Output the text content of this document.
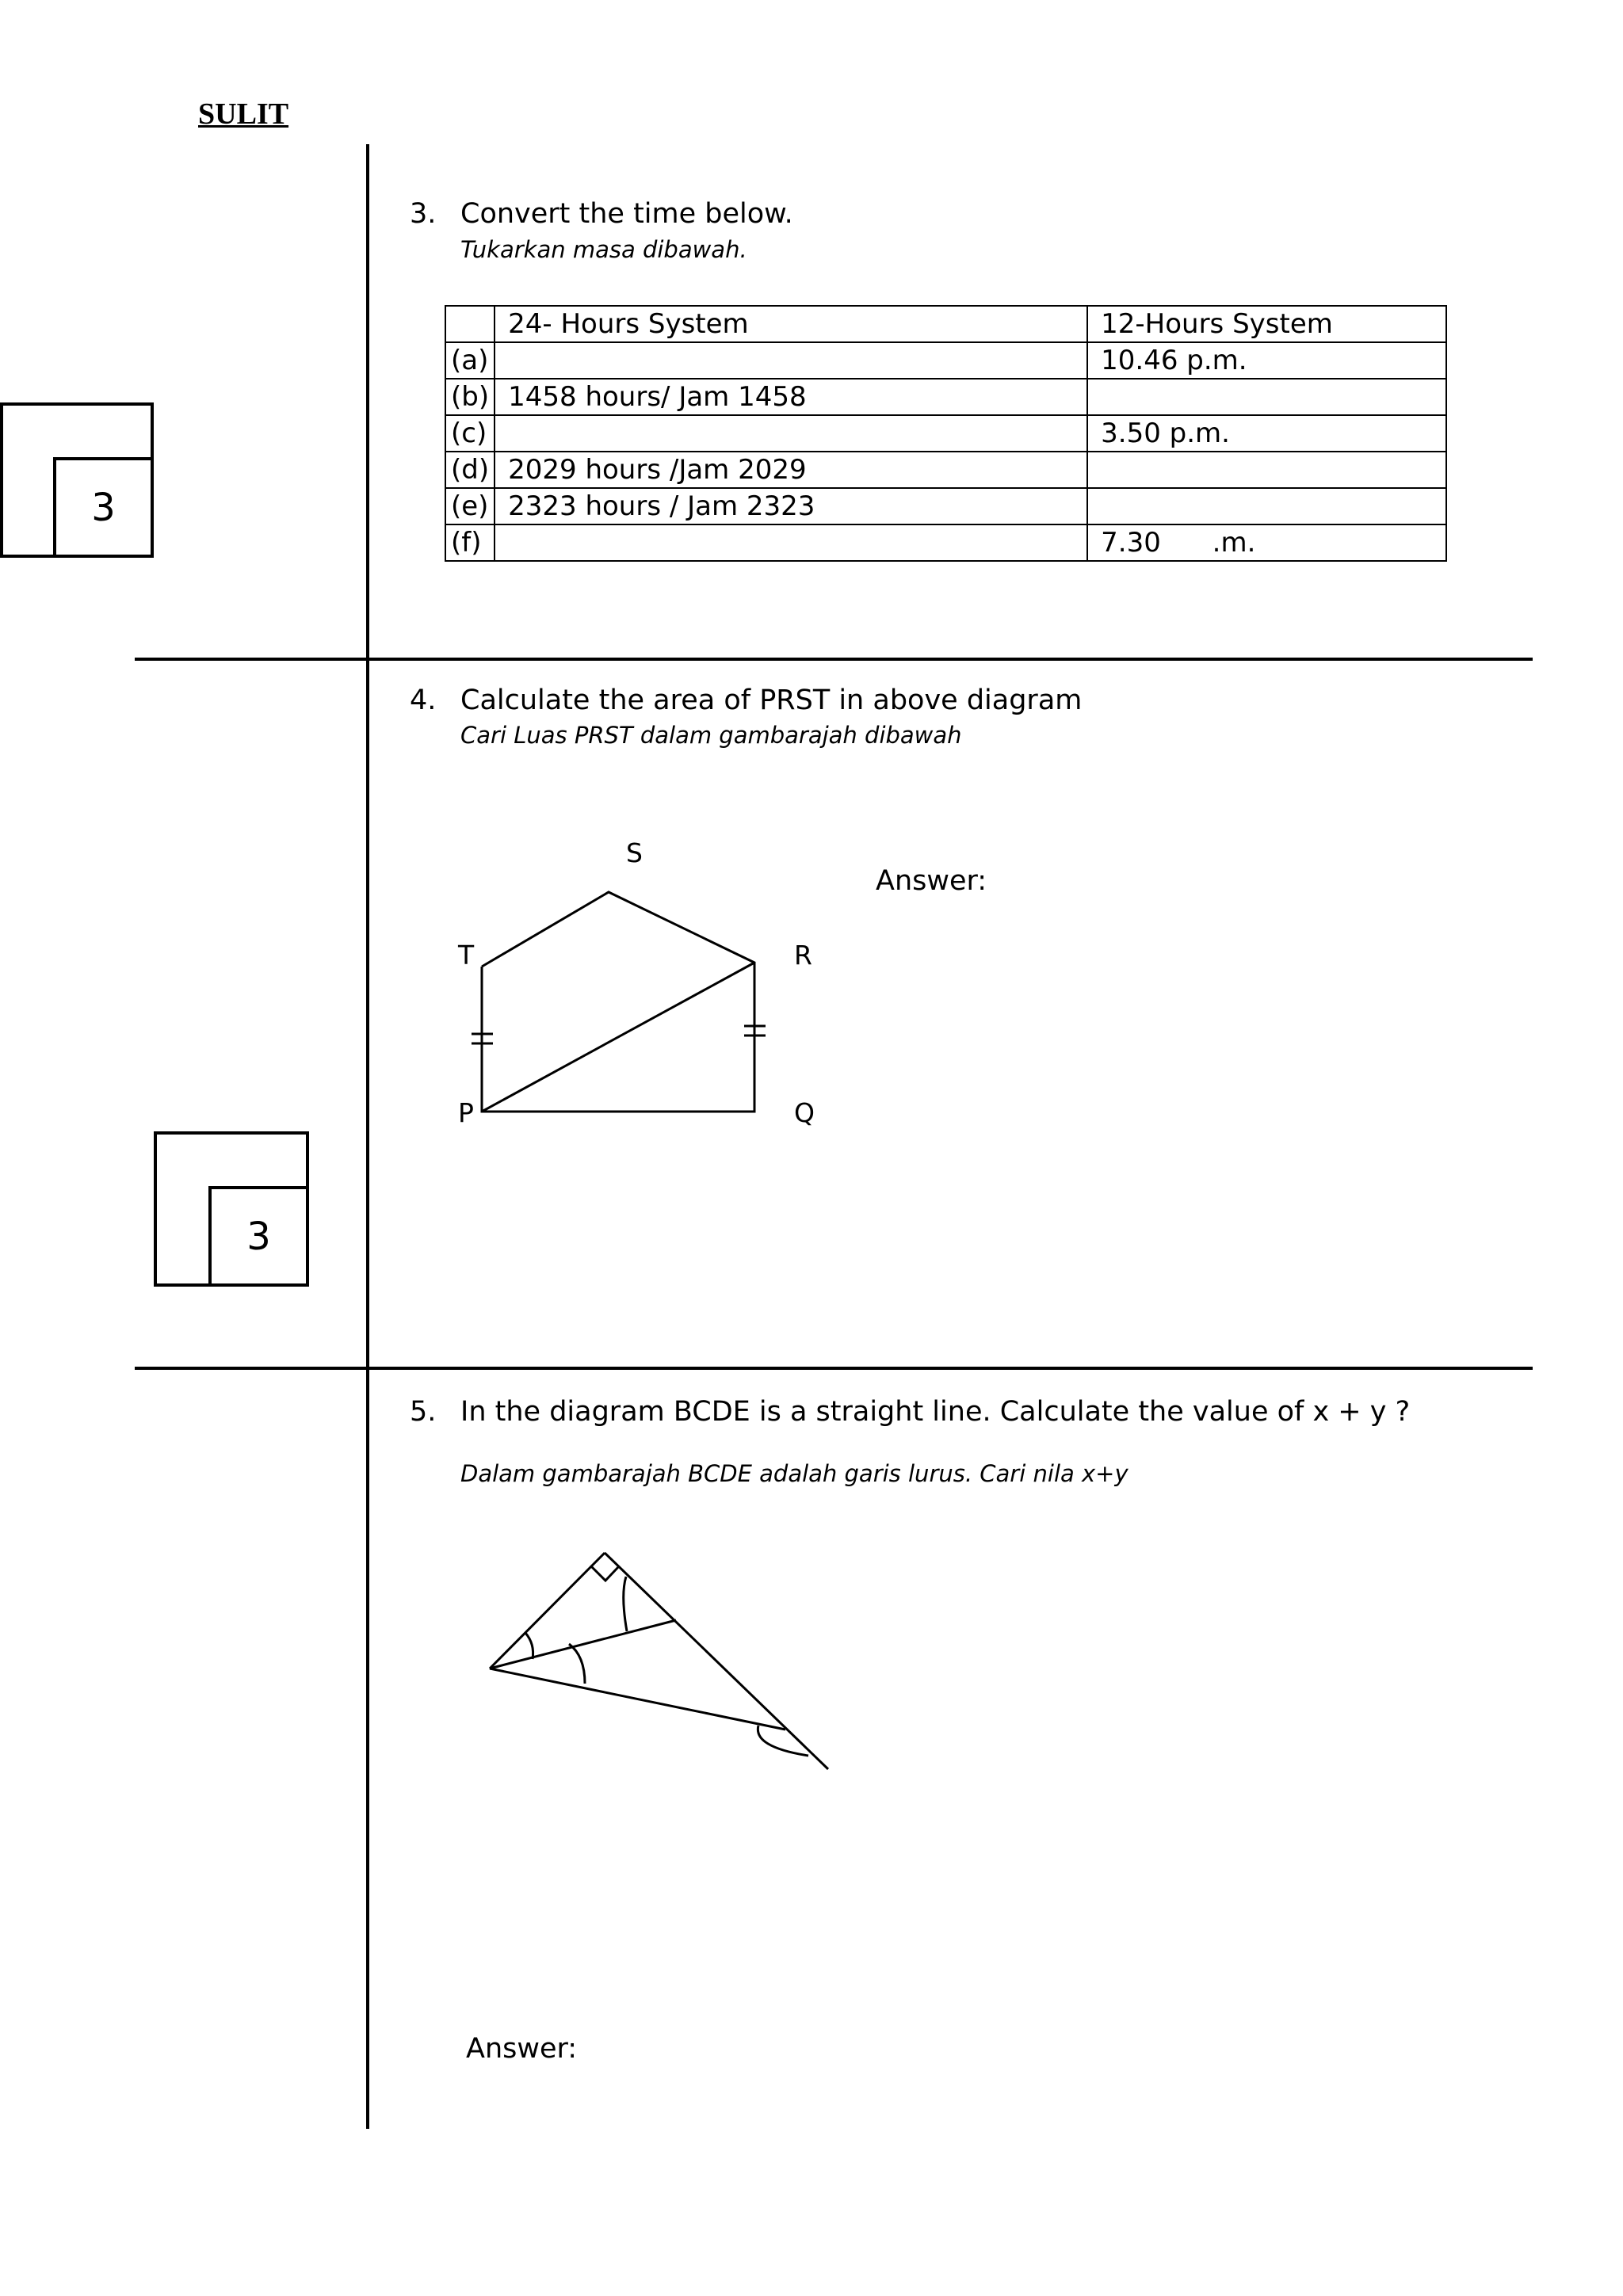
SULIT
3
3
3. Convert the time below.
Tukarkan masa dibawah.
	24- Hours System	12-Hours System
(a)		10.46 p.m.
(b)	1458 hours/ Jam 1458	
(c)		3.50 p.m.
(d)	2029 hours /Jam 2029	
(e)	2323 hours / Jam 2323	
(f)		7.30      .m.
4. Calculate the area of PRST in above diagram
Cari Luas PRST dalam gambarajah dibawah
Answer:
S
T	R
P	Q
5. In the diagram BCDE is a straight line. Calculate the value of x + y ?
Dalam gambarajah BCDE adalah garis lurus. Cari nila x+y
Answer:
